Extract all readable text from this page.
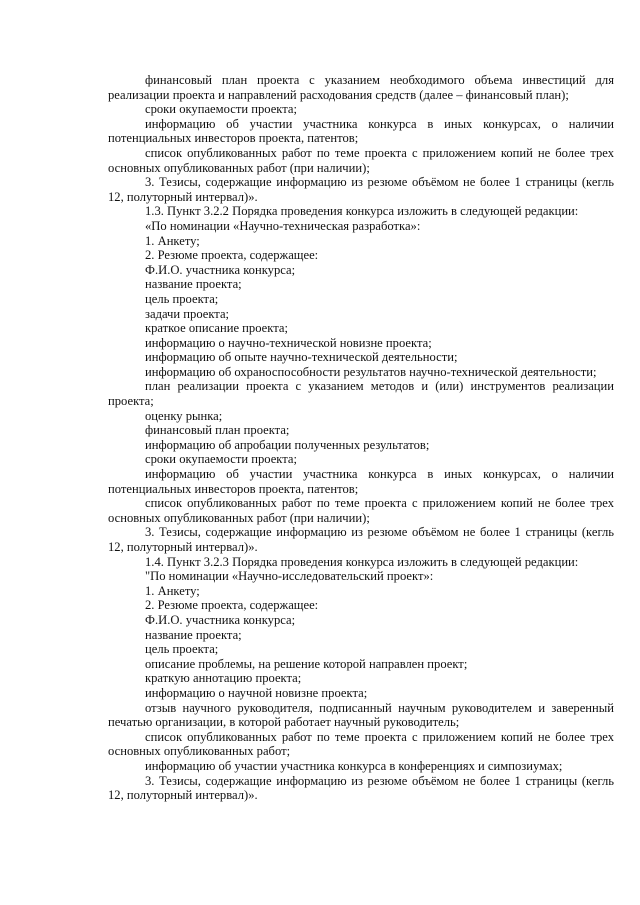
финансовый план проекта с указанием необходимого объема инвестиций для реализации проекта и направлений расходования средств (далее – финансовый план);

сроки окупаемости проекта;

информацию об участии участника конкурса в иных конкурсах, о наличии потенциальных инвесторов проекта, патентов;

список опубликованных работ по теме проекта с приложением копий не более трех основных опубликованных работ (при наличии);

3. Тезисы, содержащие информацию из резюме объёмом не более 1 страницы (кегль 12, полуторный интервал)».

1.3. Пункт 3.2.2 Порядка проведения конкурса изложить в следующей редакции:

«По номинации «Научно-техническая разработка»:

1. Анкету;

2. Резюме проекта, содержащее:

Ф.И.О. участника конкурса;

название проекта;

цель проекта;

задачи проекта;

краткое описание проекта;

информацию о научно-технической новизне проекта;

информацию об опыте научно-технической деятельности;

информацию об охраноспособности результатов научно-технической деятельности;

план реализации проекта с указанием методов и (или) инструментов реализации проекта;

оценку рынка;

финансовый план проекта;

информацию об апробации полученных результатов;

сроки окупаемости проекта;

информацию об участии участника конкурса в иных конкурсах, о наличии потенциальных инвесторов проекта, патентов;

список опубликованных работ по теме проекта с приложением копий не более трех основных опубликованных работ (при наличии);

3. Тезисы, содержащие информацию из резюме объёмом не более 1 страницы (кегль 12, полуторный интервал)».

1.4. Пункт 3.2.3 Порядка проведения конкурса изложить в следующей редакции:

"По номинации «Научно-исследовательский проект»:

1. Анкету;

2. Резюме проекта, содержащее:

Ф.И.О. участника конкурса;

название проекта;

цель проекта;

описание проблемы, на решение которой направлен проект;

краткую аннотацию проекта;

информацию о научной новизне проекта;

отзыв научного руководителя, подписанный научным руководителем и заверенный печатью организации, в которой работает научный руководитель;

список опубликованных работ по теме проекта с приложением копий не более трех основных опубликованных работ;

информацию об участии участника конкурса в конференциях и симпозиумах;

3. Тезисы, содержащие информацию из резюме объёмом не более 1 страницы (кегль 12, полуторный интервал)».
